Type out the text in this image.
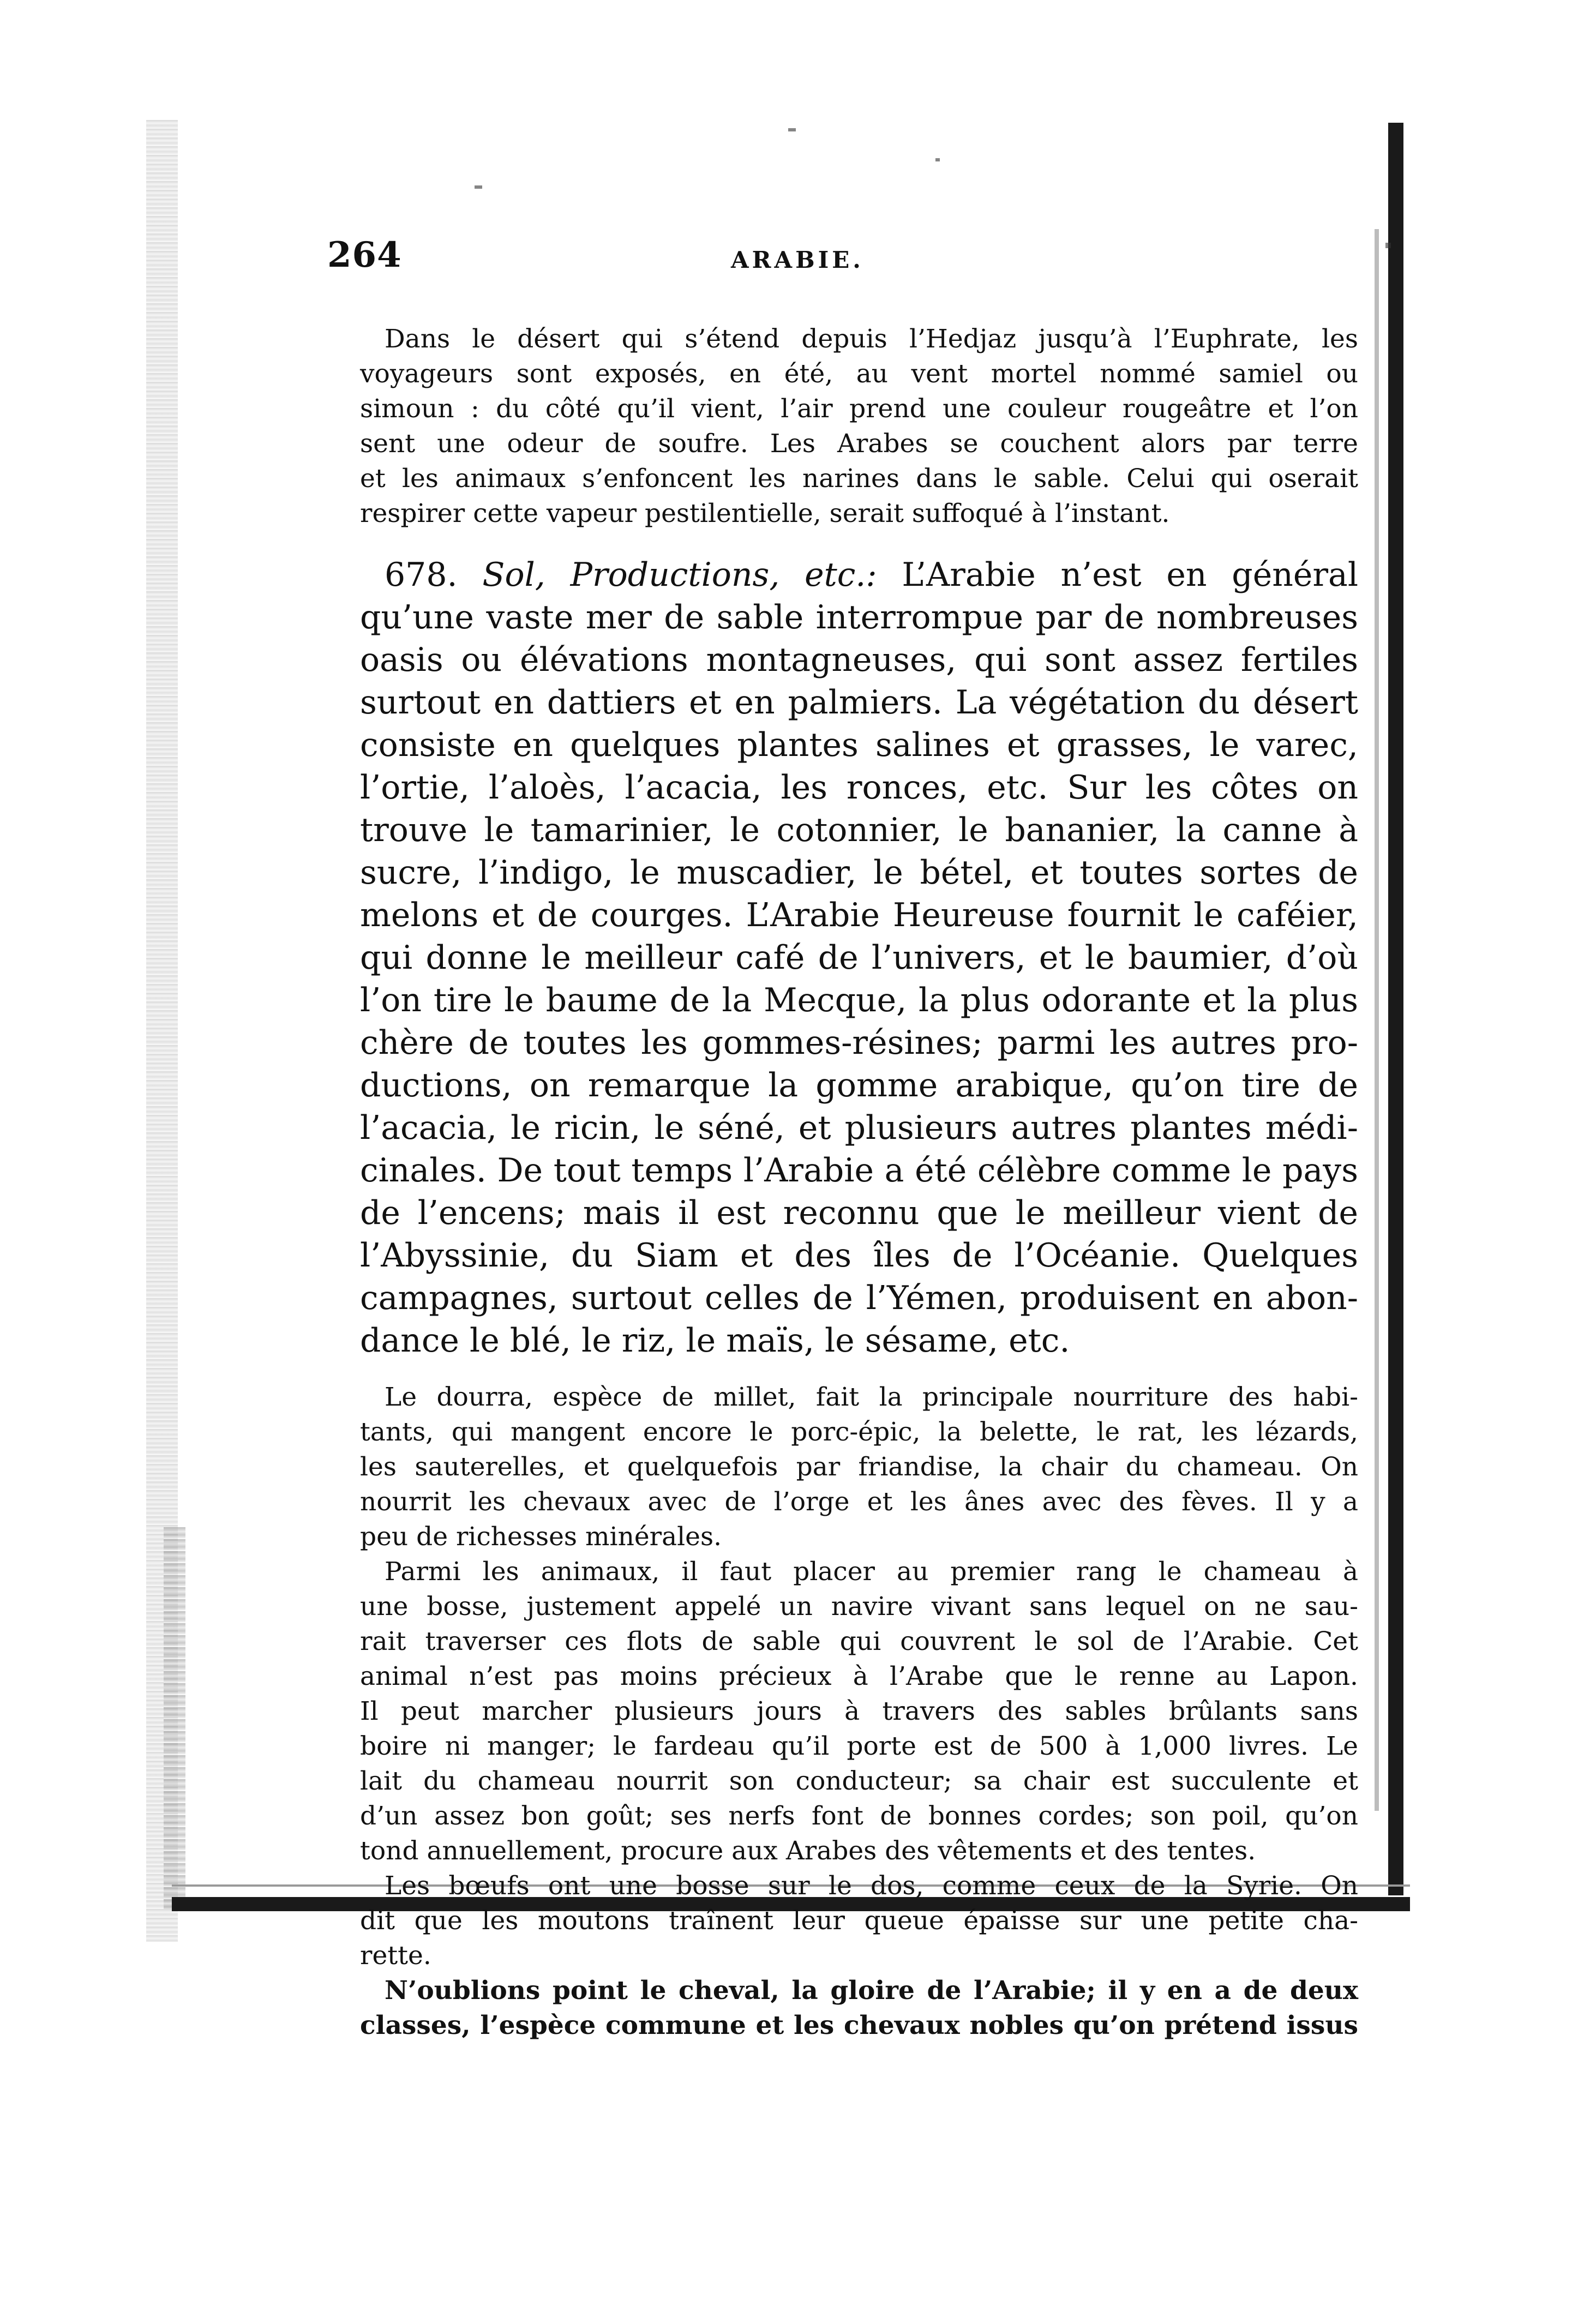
264	ARABIE.
Dans le désert qui s’étend depuis l’Hedjaz jusqu’à l’Euphrate, les
voyageurs sont exposés, en été, au vent mortel nommé samiel ou
simoun : du côté qu’il vient, l’air prend une couleur rougeâtre et l’on
sent une odeur de soufre. Les Arabes se couchent alors par terre
et les animaux s’enfoncent les narines dans le sable. Celui qui oserait
respirer cette vapeur pestilentielle, serait suffoqué à l’instant.
678. Sol, Productions, etc.: L’Arabie n’est en général
qu’une vaste mer de sable interrompue par de nombreuses
oasis ou élévations montagneuses, qui sont assez fertiles
surtout en dattiers et en palmiers. La végétation du désert
consiste en quelques plantes salines et grasses, le varec,
l’ortie, l’aloès, l’acacia, les ronces, etc. Sur les côtes on
trouve le tamarinier, le cotonnier, le bananier, la canne à
sucre, l’indigo, le muscadier, le bétel, et toutes sortes de
melons et de courges. L’Arabie Heureuse fournit le caféier,
qui donne le meilleur café de l’univers, et le baumier, d’où
l’on tire le baume de la Mecque, la plus odorante et la plus
chère de toutes les gommes-résines; parmi les autres pro-
ductions, on remarque la gomme arabique, qu’on tire de
l’acacia, le ricin, le séné, et plusieurs autres plantes médi-
cinales. De tout temps l’Arabie a été célèbre comme le pays
de l’encens; mais il est reconnu que le meilleur vient de
l’Abyssinie, du Siam et des îles de l’Océanie. Quelques
campagnes, surtout celles de l’Yémen, produisent en abon-
dance le blé, le riz, le maïs, le sésame, etc.
Le dourra, espèce de millet, fait la principale nourriture des habi-
tants, qui mangent encore le porc-épic, la belette, le rat, les lézards,
les sauterelles, et quelquefois par friandise, la chair du chameau. On
nourrit les chevaux avec de l’orge et les ânes avec des fèves. Il y a
peu de richesses minérales.
Parmi les animaux, il faut placer au premier rang le chameau à
une bosse, justement appelé un navire vivant sans lequel on ne sau-
rait traverser ces flots de sable qui couvrent le sol de l’Arabie. Cet
animal n’est pas moins précieux à l’Arabe que le renne au Lapon.
Il peut marcher plusieurs jours à travers des sables brûlants sans
boire ni manger; le fardeau qu’il porte est de 500 à 1,000 livres. Le
lait du chameau nourrit son conducteur; sa chair est succulente et
d’un assez bon goût; ses nerfs font de bonnes cordes; son poil, qu’on
tond annuellement, procure aux Arabes des vêtements et des tentes.
Les bœufs ont une bosse sur le dos, comme ceux de la Syrie. On
dit que les moutons traînent leur queue épaisse sur une petite cha-
rette.
N’oublions point le cheval, la gloire de l’Arabie; il y en a de deux
classes, l’espèce commune et les chevaux nobles qu’on prétend issus
